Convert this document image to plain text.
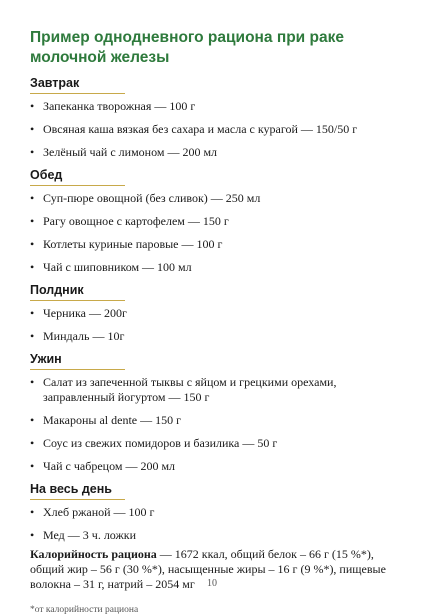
Пример однодневного рациона при раке молочной железы
Завтрак
• Запеканка творожная — 100 г
• Овсяная каша вязкая без сахара и масла с курагой — 150/50 г
• Зелёный чай с лимоном — 200 мл
Обед
• Суп-пюре овощной (без сливок) — 250 мл
• Рагу овощное с картофелем — 150 г
• Котлеты куриные паровые — 100 г
• Чай с шиповником — 100 мл
Полдник
• Черника — 200г
• Миндаль — 10г
Ужин
• Салат из запеченной тыквы с яйцом и грецкими орехами, заправленный йогуртом — 150 г
• Макароны al dente — 150 г
• Соус из свежих помидоров и базилика — 50 г
• Чай с чабрецом — 200 мл
На весь день
• Хлеб ржаной — 100 г
• Мед — 3 ч. ложки

Калорийность рациона — 1672 ккал, общий белок – 66 г (15 %*), общий жир – 56 г (30 %*), насыщенные жиры – 16 г (9 %*), пищевые волокна – 31 г, натрий – 2054 мг

*от калорийности рациона
10
